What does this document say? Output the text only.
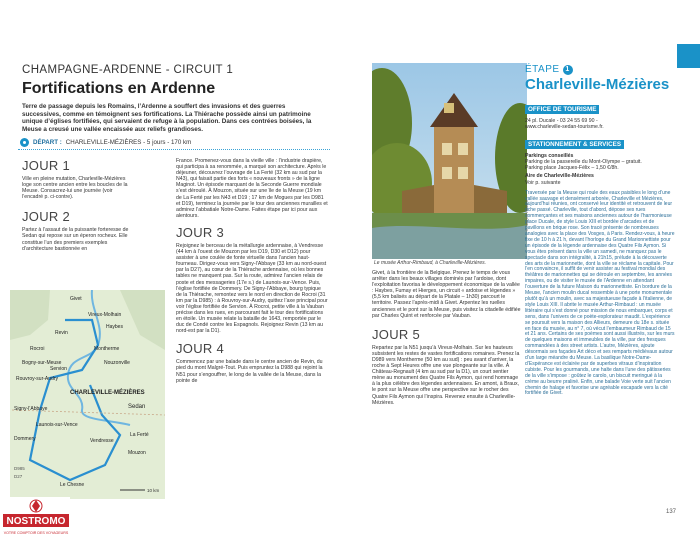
CHAMPAGNE-ARDENNE - CIRCUIT 1
Fortifications en Ardenne
Terre de passage depuis les Romains, l’Ardenne a souffert des invasions et des guerres successives, comme en témoignent ses fortifications. La Thiérache possède ainsi un patrimoine unique d’églises fortifiées, qui servaient de refuge à la population. Dans ces contrées boisées, la Meuse a creusé une vallée encaissée aux reliefs grandioses.
DÉPART : CHARLEVILLE-MÉZIÈRES - 5 jours - 170 km
JOUR 1
Ville en pleine mutation, Charleville-Mézières loge son centre ancien entre les boucles de la Meuse. Consacrez-lui une journée (voir l’encadré p. ci-contre).
JOUR 2
Partez à l’assaut de la puissante forteresse de Sedan qui repose sur un éperon rocheux. Elle constitue l’un des premiers exemples d’architecture bastionnée en
Givet
Vireux-Molhain
Haybes
Revin
Rocroi	Montherme
Nouzonville
Bogny-sur-Meuse
Rouvroy-sur-Audry
CHARLEVILLE-MÉZIÈRES
Sedan
Signy-l’Abbaye
Launois-sur-Vence
Vendresse
Dommery
La Ferté
Mouzon
Le Chesne
Servion
10 km
D985
D27
France. Promenez-vous dans la vieille ville : l’industrie drapière, qui participa à sa renommée, a marqué son architecture. Après le déjeuner, découvrez l’ouvrage de La Ferté (32 km au sud par la N43), qui faisait partie des forts « nouveaux fronts » de la ligne Maginot. Un épisode marquant de la Seconde Guerre mondiale s’est déroulé. À Mouzon, située sur une île de la Meuse (19 km de La Ferté par les N43 et D19 ; 17 km de Mogues par les D981 et D19), terminez la journée par le tour des anciennes murailles et admirez l’abbatiale Notre-Dame. Faites étape par ici pour aux alentours.
JOUR 3
Rejoignez le berceau de la métallurgie ardennaise, à Vendresse (44 km à l’ouest de Mouzon par les D19, D30 et D12) pour assister à une coulée de fonte virtuelle dans l’ancien haut-fourneau. Dirigez-vous vers Signy-l’Abbaye (33 km au nord-ouest par la D27), au cœur de la Thiérache ardennaise, où les bonnes tables ne manquent pas. Sur la route, admirez l’ancien relais de poste et des messageries (17e s.) de Launois-sur-Vence. Puis, l’église fortifiée de Dommery. De Signy-l’Abbaye, bourg typique de la Thiérache, remontez vers le nord en direction de Rocroi (31 km par la D985) : à Rouvroy-sur-Audry, quittez l’axe principal pour voir l’église fortifiée de Servion. À Rocroi, petite ville à la Vauban précise dans les rues, en parcourant fait le tour des fortifications en étoile. Un musée relate la bataille de 1643, remportée par le duc de Condé contre les Espagnols. Rejoignez Revin (13 km au nord-est par la D1).
JOUR 4
Commencez par une balade dans le centre ancien de Revin, du pied du mont Malgré-Tout. Puis empruntez la D988 qui rejoint la N51 pour s’engouffrer, le long de la vallée de la Meuse, dans la pointe de
NOSTROMO
VOTRE COMPTOIR DES VOYAGEURS
© Manon Rasero
Le musée Arthur-Rimbaud, à Charleville-Mézières.
Givet, à la frontière de la Belgique. Prenez le temps de vous arrêter dans les beaux villages dominés par l’ardoise, dont l’exploitation favorisa le développement économique de la vallée : Haybes, Fumay et Hierges, un circuit « ardoise et légendes » (5,5 km balisés au départ de la Platale – 1h30) parcourt le territoire. Passez l’après-midi à Givet. Arpentez les ruelles anciennes et le pont sur la Meuse, puis visitez la citadelle édifiée par Charles Quint et renforcée par Vauban.
JOUR 5
Repartez par la N51 jusqu’à Vireux-Molhain. Sur les hauteurs subsistent les restes de vastes fortifications romaines. Prenez la D989 vers Montherme (50 km au sud) : peu avant d’arriver, la roche à Sept Heures offre une vue plongeante sur la ville. À Château-Regnault (4 km au sud par la D1), un court sentier mène au monument des Quatre Fils Aymon, qui rend hommage à la plus célèbre des légendes ardennaises. En amont, à Braux, le pont sur la Meuse offre une perspective sur le rocher des Quatre Fils Aymon qui l’inspira. Revenez ensuite à Charleville-Mézières.
ÉTAPE 1
Charleville-Mézières
OFFICE DE TOURISME
24 pl. Ducale - 03 24 55 69 90 -
www.charleville-sedan-tourisme.fr.
STATIONNEMENT & SERVICES
Parkings conseillés
Parking de la passerelle du Mont-Olympe – gratuit.
Parking place Jacques-Félix – 1,50 €/8h.
Aire de Charleville-Mézières
Voir p. suivante
Traversée par la Meuse qui roule des eaux paisibles le long d’une vallée sauvage et densément arborée, Charleville et Mézières, aujourd’hui réunies, ont conservé leur identité et retrouvent de leur riche passé. Charleville, tout d’abord, dépose ses rues commerçantes et ses maisons anciennes autour de l’harmonieuse place Ducale, de style Louis XIII et bordée d’arcades et de pavillons en brique rose. Son tracé présente de nombreuses analogies avec la place des Vosges, à Paris. Rendez-vous, à heure fixe de 10 h à 21 h, devant l’horloge du Grand Marionnettiste pour un épisode de la légende ardennaise des Quatre Fils Aymon. Si vous êtes présent dans la ville un samedi, ne manquez pas le spectacle dans son intégralité, à 21h15, prélude à la découverte des arts de la marionnette, dont la ville se réclame la capitale. Pour l’en convaincre, il suffit de venir assister au festival mondial des théâtres de marionnettes qui se déroule en septembre, les années impaires, ou de visiter le musée de l’Ardenne en attendant l’ouverture de la future Maison du marionnettiste. En bordure de la Meuse, l’ancien moulin ducal ressemble à une porte monumentale plutôt qu’à un moulin, avec sa majestueuse façade à l’italienne, de style Louis XIII. Il abrite le musée Arthur-Rimbaud : un musée littéraire qui s’est donné pour mission de nous embarquer, corps et sens, dans l’univers de ce poète-explorateur maudit. L’expérience se poursuit vers la maison des Allieurs, demeure du 18e s. située en face du musée, au n° 7, où vécut l’embaumeur Rimbaud de 15 et 21 ans. Certains de ses poèmes sont aussi illustrés, sur les murs de quelques maisons et immeubles de la ville, par des fresques commandées à des street artists. L’autre, Mézières, ajoute désormais ses façades Art déco et ses remparts médiévaux autour d’un large méandre du Meuse. La basilique Notre-Dame-d’Espérance est éclairée par de superbes vitraux d’inspiration cubiste. Pour les gourmands, une halte dans l’une des pâtisseries de la ville s’impose : goûtez le carolo, un biscuit meringué à la crème au beurre praliné. Enfin, une balade Voie verte suit l’ancien chemin de halage et favorise une agréable escapade vers la cité fortifiée de Givet.
137
